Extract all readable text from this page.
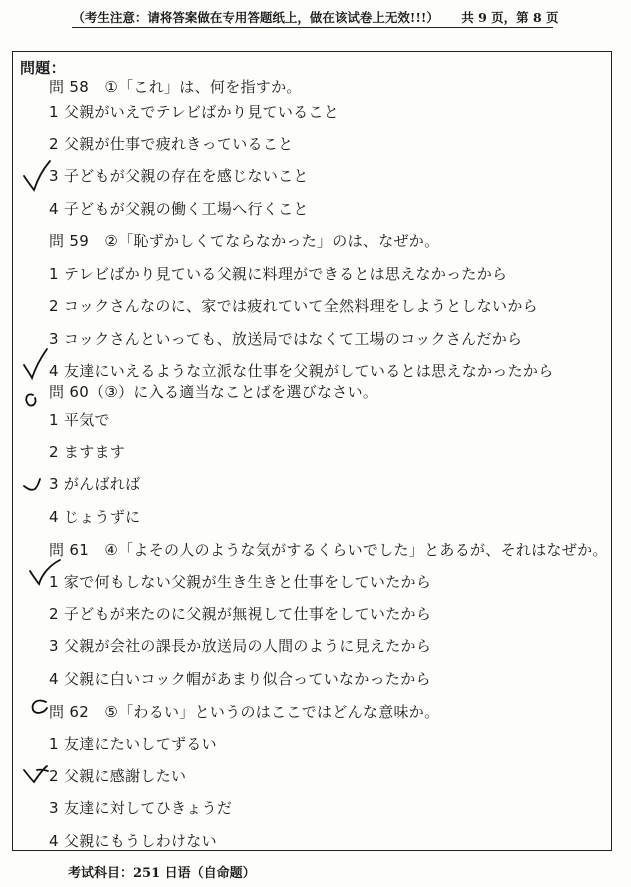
（考生注意：请将答案做在专用答题纸上，做在该试卷上无效!!!） 共 9 页，第 8 页
問題：
問 58　①「これ」は、何を指すか。
1 父親がいえでテレビばかり見ていること
2 父親が仕事で疲れきっていること
3 子どもが父親の存在を感じないこと
4 子どもが父親の働く工場へ行くこと
問 59　②「恥ずかしくてならなかった」のは、なぜか。
1 テレビばかり見ている父親に料理ができるとは思えなかったから
2 コックさんなのに、家では疲れていて全然料理をしようとしないから
3 コックさんといっても、放送局ではなくて工場のコックさんだから
4 友達にいえるような立派な仕事を父親がしているとは思えなかったから
問 60（③）に入る適当なことばを選びなさい。
1 平気で
2 ますます
3 がんばれば
4 じょうずに
問 61　④「よその人のような気がするくらいでした」とあるが、それはなぜか。
1 家で何もしない父親が生き生きと仕事をしていたから
2 子どもが来たのに父親が無視して仕事をしていたから
3 父親が会社の課長か放送局の人間のように見えたから
4 父親に白いコック帽があまり似合っていなかったから
問 62　⑤「わるい」というのはここではどんな意味か。
1 友達にたいしてずるい
2 父親に感謝したい
3 友達に対してひきょうだ
4 父親にもうしわけない
考试科目：251 日语（自命题）
